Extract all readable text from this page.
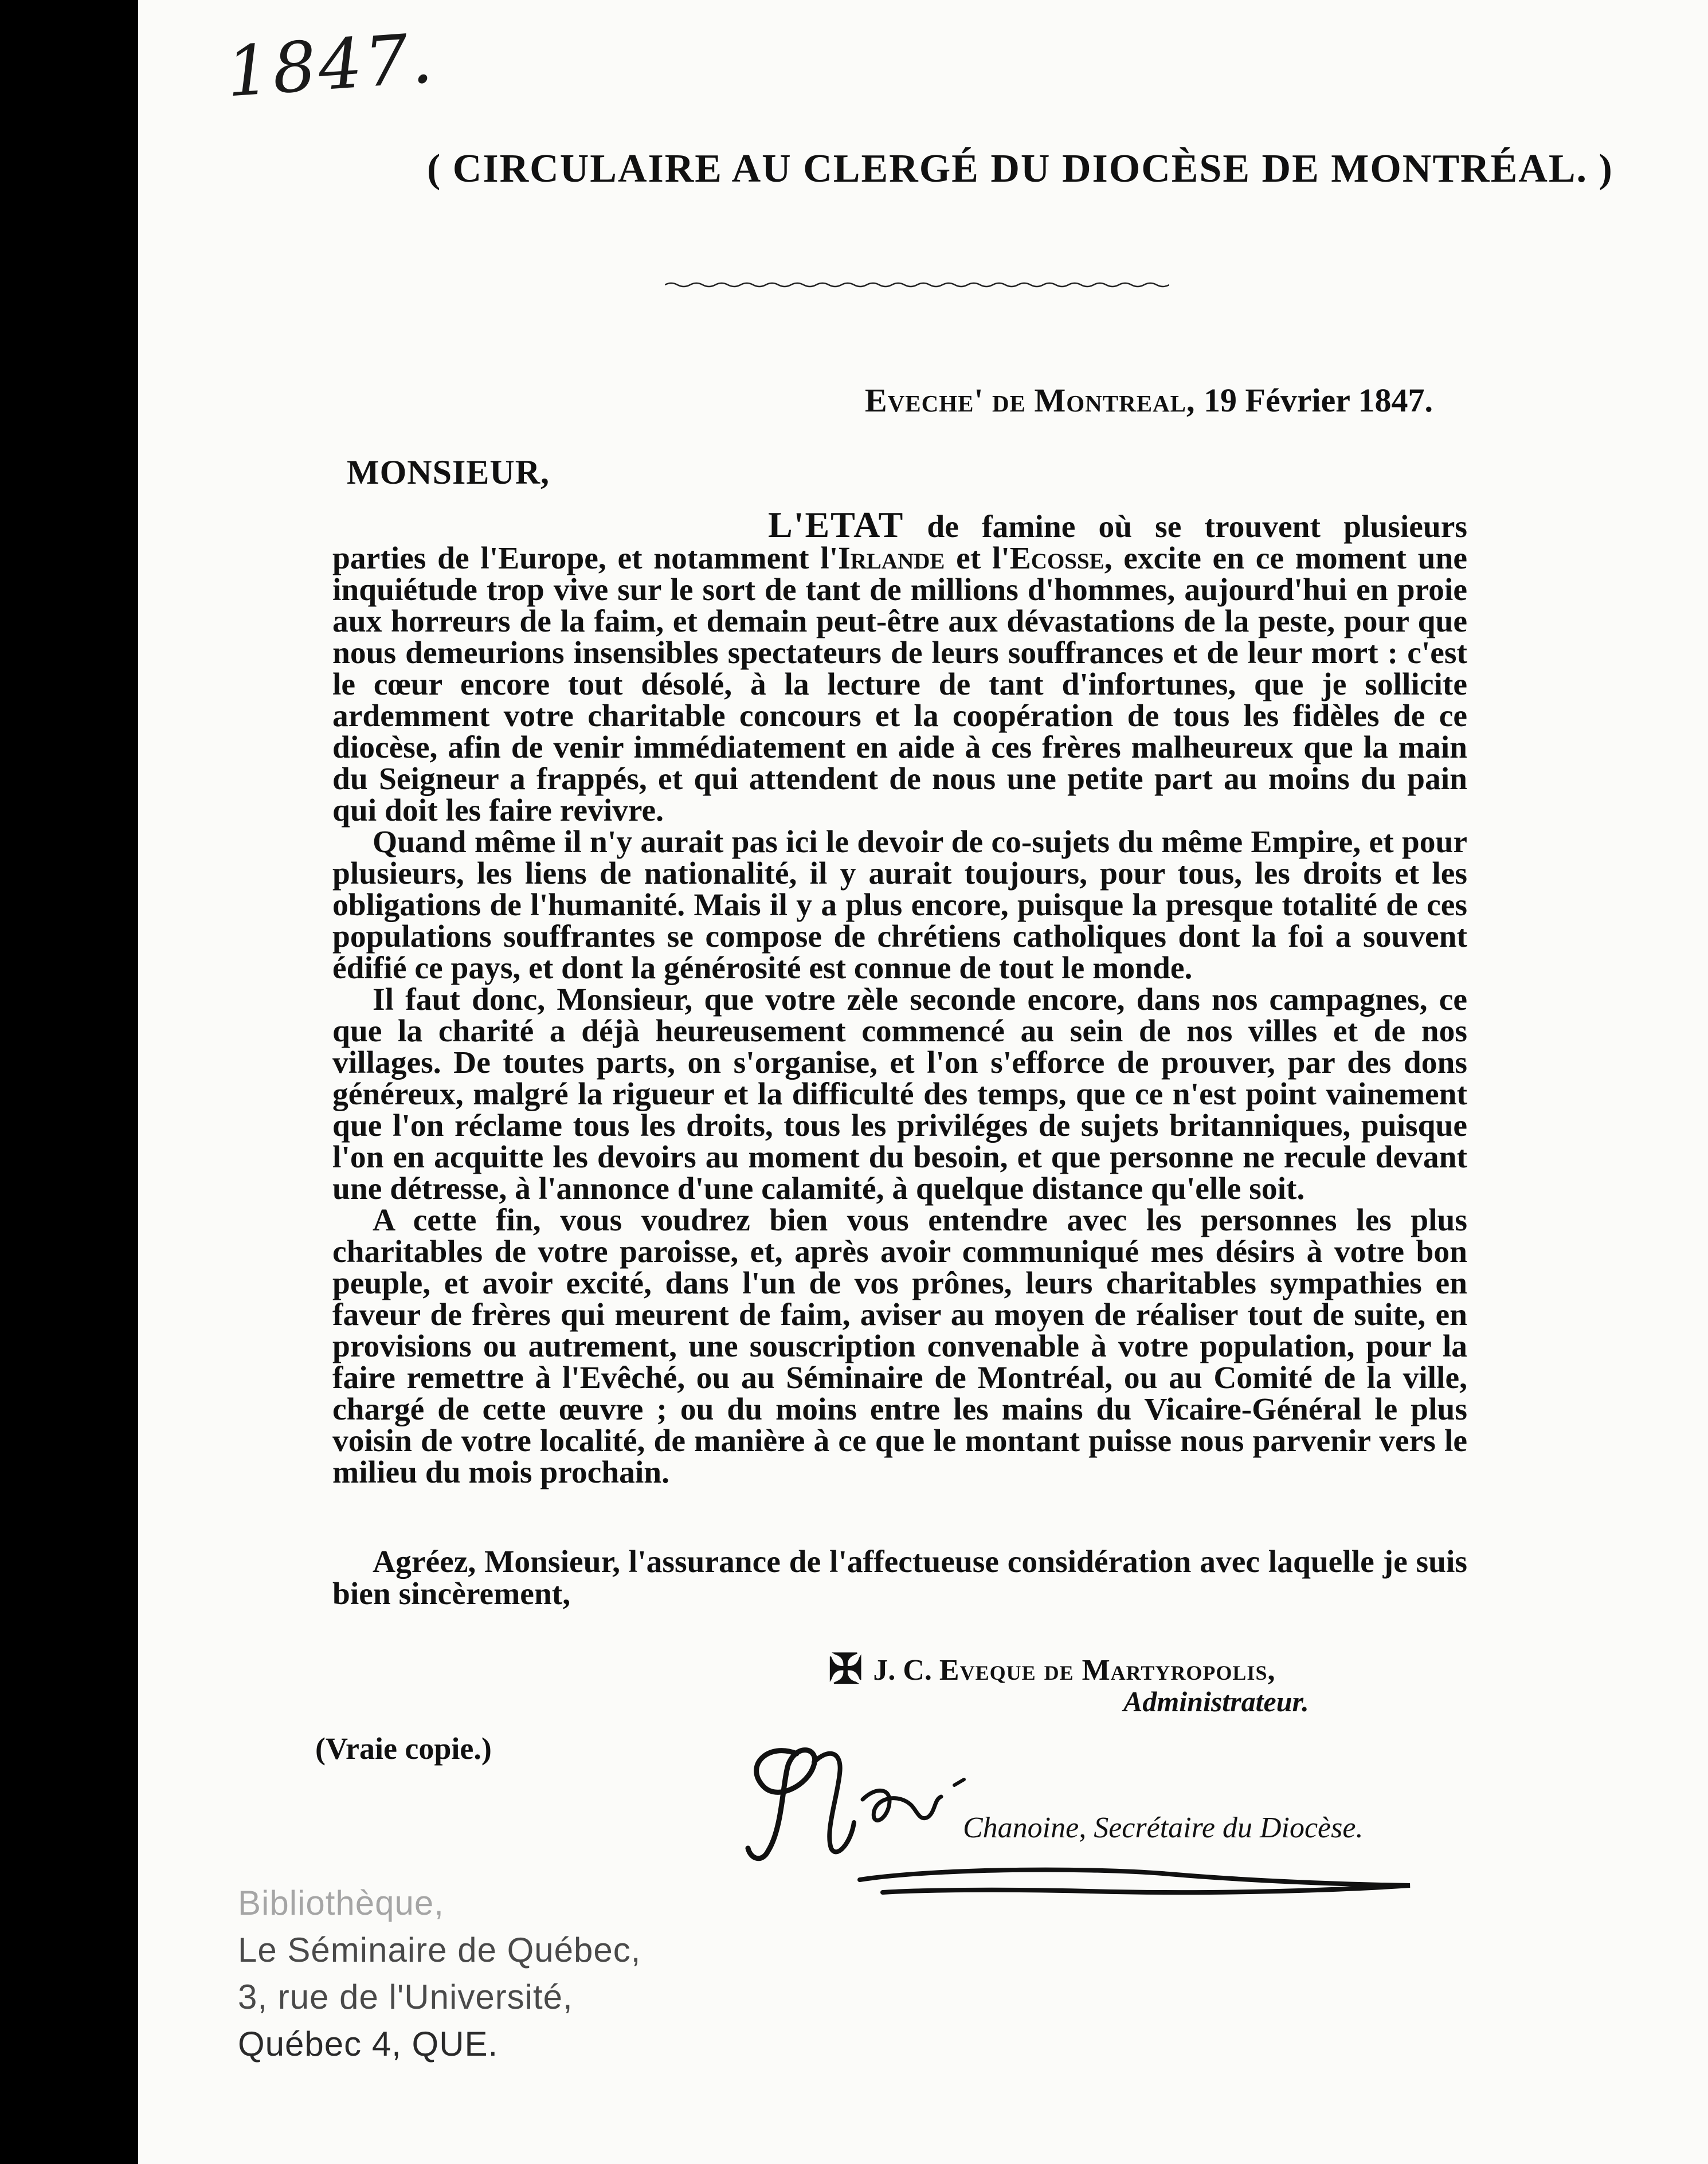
1847.
( CIRCULAIRE AU CLERGÉ DU DIOCÈSE DE MONTRÉAL. )
Eveche' de Montreal, 19 Février 1847.
MONSIEUR,

L'ETAT de famine où se trouvent plusieurs parties de l'Europe, et notamment l'Irlande et l'Ecosse, excite en ce moment une inquiétude trop vive sur le sort de tant de millions d'hommes, aujourd'hui en proie aux horreurs de la faim, et demain peut-être aux dévastations de la peste, pour que nous demeurions insensibles spectateurs de leurs souffrances et de leur mort : c'est le cœur encore tout désolé, à la lecture de tant d'infortunes, que je sollicite ardemment votre charitable concours et la coopération de tous les fidèles de ce diocèse, afin de venir immédiatement en aide à ces frères malheureux que la main du Seigneur a frappés, et qui attendent de nous une petite part au moins du pain qui doit les faire revivre.

Quand même il n'y aurait pas ici le devoir de co-sujets du même Empire, et pour plusieurs, les liens de nationalité, il y aurait toujours, pour tous, les droits et les obligations de l'humanité. Mais il y a plus encore, puisque la presque totalité de ces populations souffrantes se compose de chrétiens catholiques dont la foi a souvent édifié ce pays, et dont la générosité est connue de tout le monde.

Il faut donc, Monsieur, que votre zèle seconde encore, dans nos campagnes, ce que la charité a déjà heureusement commencé au sein de nos villes et de nos villages. De toutes parts, on s'organise, et l'on s'efforce de prouver, par des dons généreux, malgré la rigueur et la difficulté des temps, que ce n'est point vainement que l'on réclame tous les droits, tous les priviléges de sujets britanniques, puisque l'on en acquitte les devoirs au moment du besoin, et que personne ne recule devant une détresse, à l'annonce d'une calamité, à quelque distance qu'elle soit.

A cette fin, vous voudrez bien vous entendre avec les personnes les plus charitables de votre paroisse, et, après avoir communiqué mes désirs à votre bon peuple, et avoir excité, dans l'un de vos prônes, leurs charitables sympathies en faveur de frères qui meurent de faim, aviser au moyen de réaliser tout de suite, en provisions ou autrement, une souscription convenable à votre population, pour la faire remettre à l'Evêché, ou au Séminaire de Montréal, ou au Comité de la ville, chargé de cette œuvre ; ou du moins entre les mains du Vicaire-Général le plus voisin de votre localité, de manière à ce que le montant puisse nous parvenir vers le milieu du mois prochain.

Agréez, Monsieur, l'assurance de l'affectueuse considération avec laquelle je suis bien sincèrement,

✠ J. C. Eveque de Martyropolis,
Administrateur.
(Vraie copie.)
Chanoine, Secrétaire du Diocèse.
Bibliothèque,
Le Séminaire de Québec,
3, rue de l'Université,
Québec 4, QUE.
